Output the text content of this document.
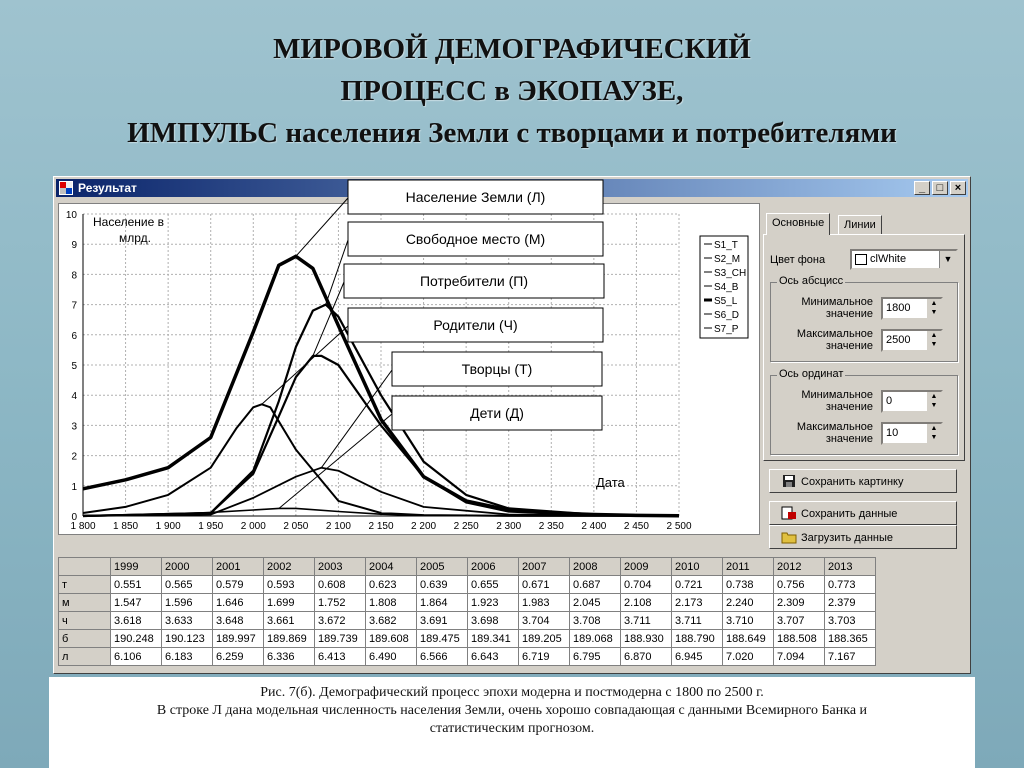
МИРОВОЙ ДЕМОГРАФИЧЕСКИЙ
ПРОЦЕСС в ЭКОПАУЗЕ,
ИМПУЛЬС населения Земли с творцами и потребителями
Результат	_	□	×
1 800 1 850 1 900 1 950 2 000 2 050 2 100 2 150 2 200 2 250 2 300 2 350 2 400 2 450 2 500
0
1
2
3
4
5
6
7
8
9
10 Население в
млрд.
Дата
Население Земли (Л)
Свободное место (М)
Потребители (П)
Родители (Ч)
Творцы (Т)
Дети (Д)
S1_T
S2_M
S3_CH
S4_B
S5_L
S6_D
S7_P
Основные	Линии
Цвет фона	clWhite	▼
Ось абсцисс
Минимальное
значение 1800	▲
▼
Максимальное
значение 2500	▲
▼
Ось ординат
Минимальное
значение 0	▲
▼
Максимальное
значение 10	▲
▼
Сохранить картинку
Сохранить данные
Загрузить данные
	1999	2000	2001	2002	2003	2004	2005	2006	2007	2008	2009	2010	2011	2012	2013
т	0.551	0.565	0.579	0.593	0.608	0.623	0.639	0.655	0.671	0.687	0.704	0.721	0.738	0.756	0.773
м	1.547	1.596	1.646	1.699	1.752	1.808	1.864	1.923	1.983	2.045	2.108	2.173	2.240	2.309	2.379
ч	3.618	3.633	3.648	3.661	3.672	3.682	3.691	3.698	3.704	3.708	3.711	3.711	3.710	3.707	3.703
б	190.248	190.123	189.997	189.869	189.739	189.608	189.475	189.341	189.205	189.068	188.930	188.790	188.649	188.508	188.365
л	6.106	6.183	6.259	6.336	6.413	6.490	6.566	6.643	6.719	6.795	6.870	6.945	7.020	7.094	7.167
Рис. 7(б). Демографический процесс эпохи модерна и постмодерна с 1800 по 2500 г.
В строке Л дана модельная численность населения Земли, очень хорошо совпадающая с данными Всемирного Банка и
статистическим прогнозом.
